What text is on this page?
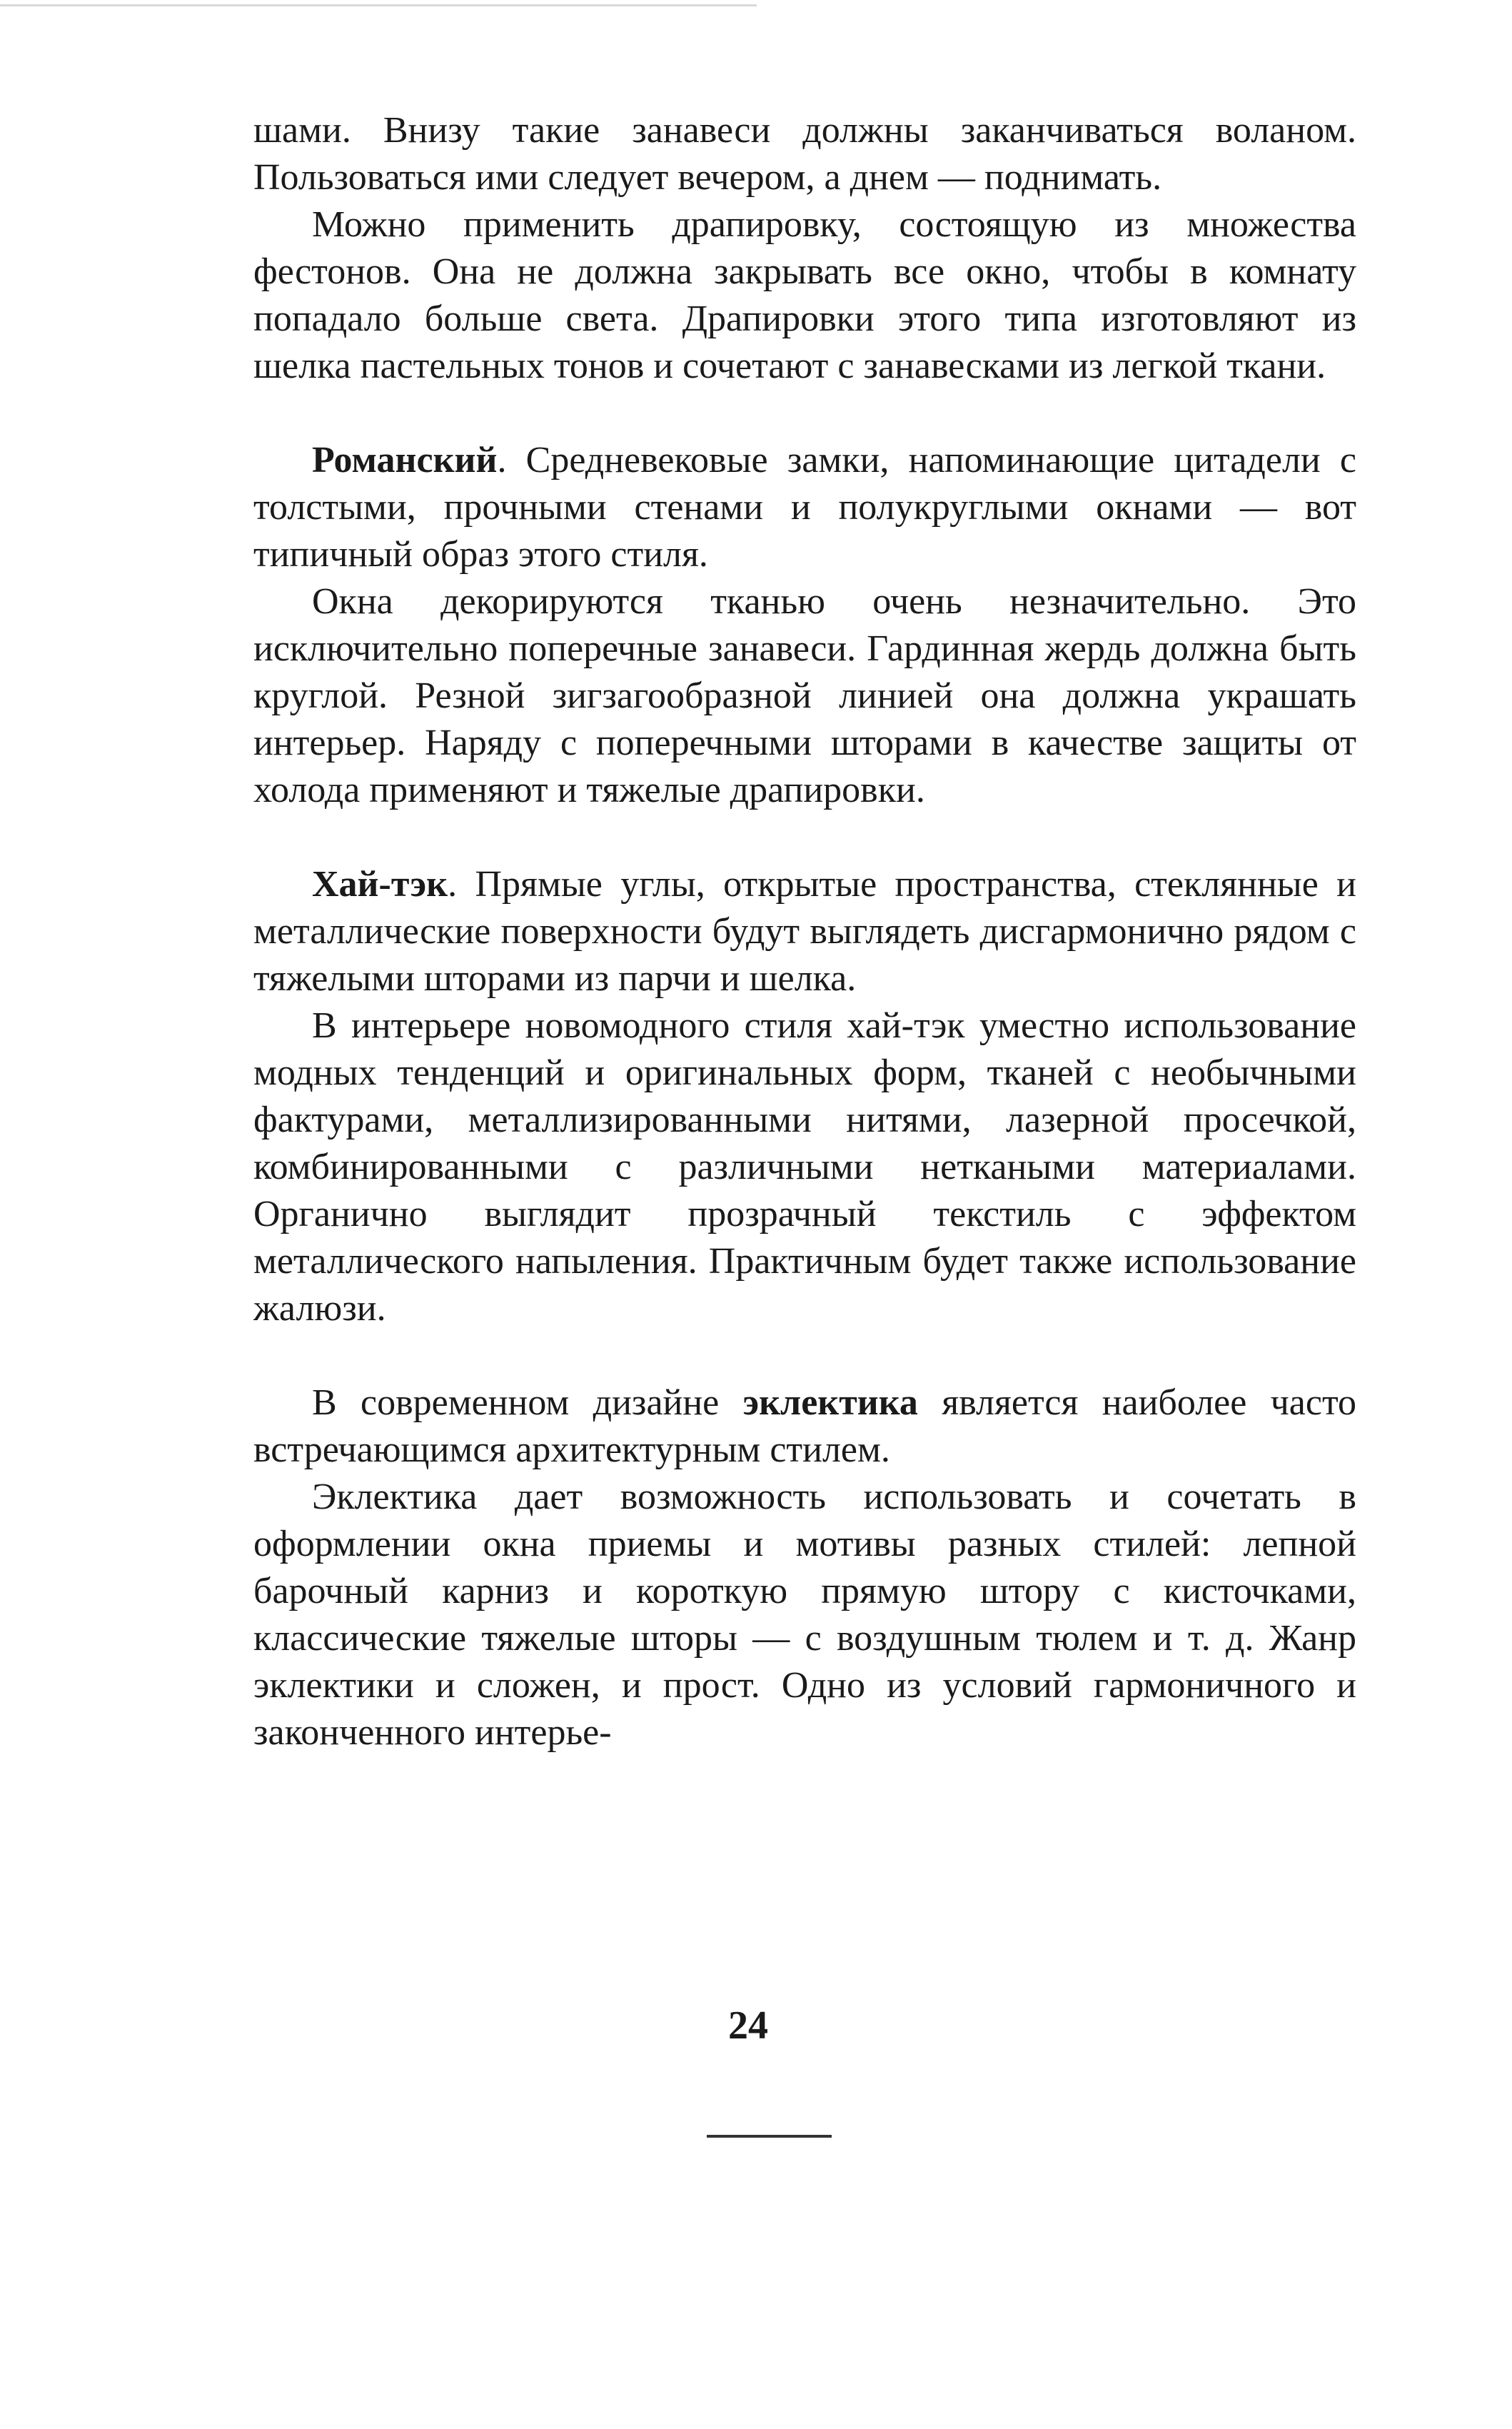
шами. Внизу такие занавеси должны заканчиваться воланом. Пользоваться ими следует вечером, а днем — поднимать.

Можно применить драпировку, состоящую из множества фестонов. Она не должна закрывать все окно, чтобы в комнату попадало больше света. Драпировки этого типа изготовляют из шелка пастельных тонов и сочетают с занавесками из легкой ткани.

Романский. Средневековые замки, напоминающие цитадели с толстыми, прочными стенами и полукруглыми окнами — вот типичный образ этого стиля.

Окна декорируются тканью очень незначительно. Это исключительно поперечные занавеси. Гардинная жердь должна быть круглой. Резной зигзагообразной линией она должна украшать интерьер. Наряду с поперечными шторами в качестве защиты от холода применяют и тяжелые драпировки.

Хай-тэк. Прямые углы, открытые пространства, стеклянные и металлические поверхности будут выглядеть дисгармонично рядом с тяжелыми шторами из парчи и шелка.

В интерьере новомодного стиля хай-тэк уместно использование модных тенденций и оригинальных форм, тканей с необычными фактурами, металлизированными нитями, лазерной просечкой, комбинированными с различными неткаными материалами. Органично выглядит прозрачный текстиль с эффектом металлического напыления. Практичным будет также использование жалюзи.

В современном дизайне эклектика является наиболее часто встречающимся архитектурным стилем.

Эклектика дает возможность использовать и сочетать в оформлении окна приемы и мотивы разных стилей: лепной барочный карниз и короткую прямую штору с кисточками, классические тяжелые шторы — с воздушным тюлем и т. д. Жанр эклектики и сложен, и прост. Одно из условий гармоничного и законченного интерье-

24
